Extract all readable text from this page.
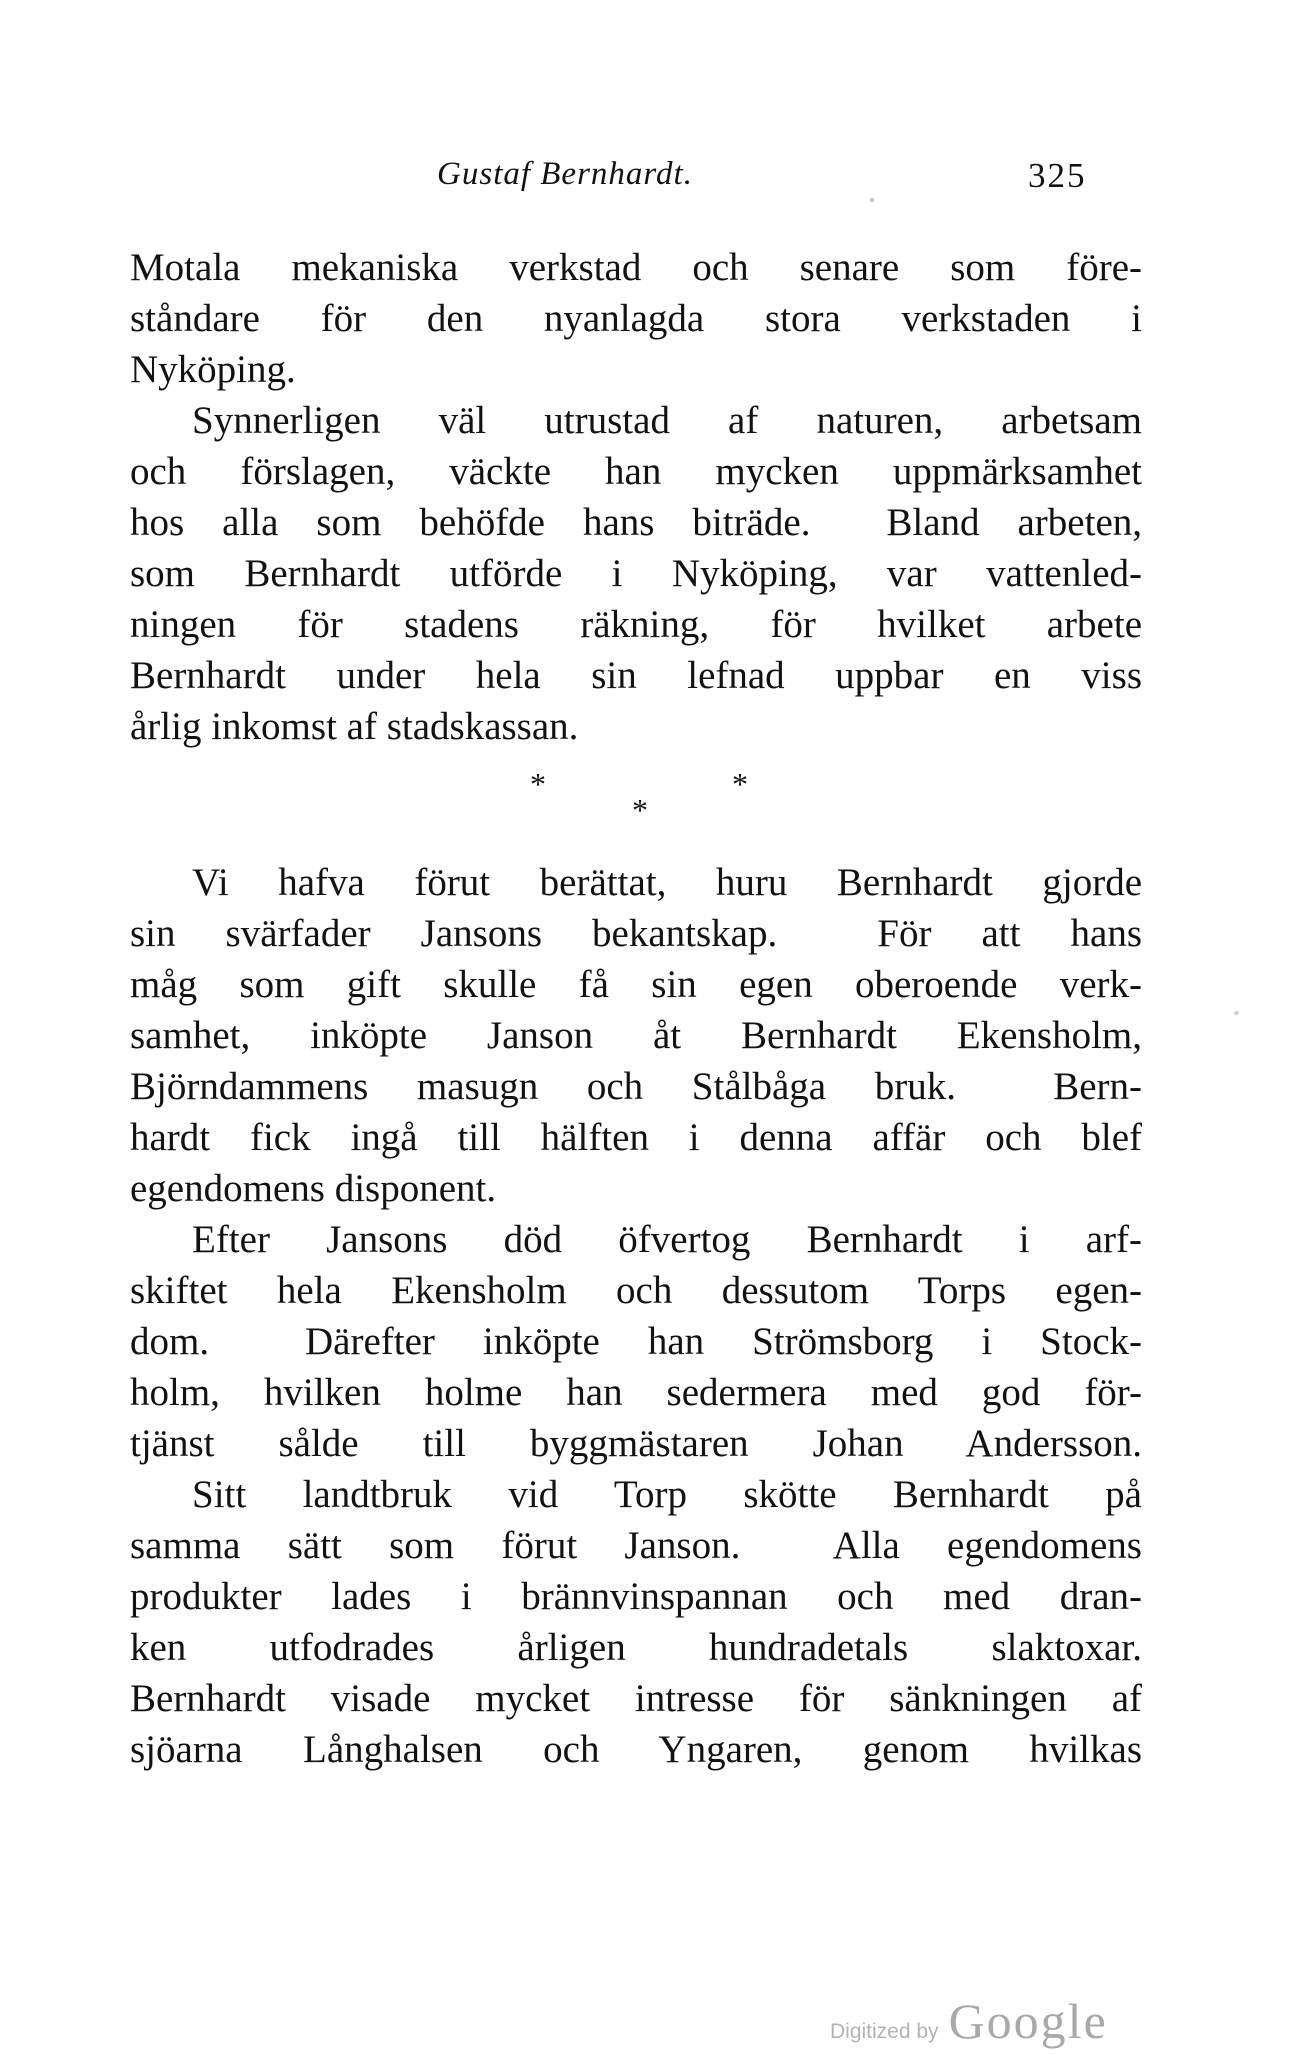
Gustaf Bernhardt.	325
Motala mekaniska verkstad och senare som före-
ståndare för den nyanlagda stora verkstaden i
Nyköping.
Synnerligen väl utrustad af naturen, arbetsam
och förslagen, väckte han mycken uppmärksamhet
hos alla som behöfde hans biträde.  Bland arbeten,
som Bernhardt utförde i Nyköping, var vattenled-
ningen för stadens räkning, för hvilket arbete
Bernhardt under hela sin lefnad uppbar en viss
årlig inkomst af stadskassan.
*	*
*
Vi hafva förut berättat, huru Bernhardt gjorde
sin svärfader Jansons bekantskap.  För att hans
måg som gift skulle få sin egen oberoende verk-
samhet, inköpte Janson åt Bernhardt Ekensholm,
Björndammens masugn och Stålbåga bruk.  Bern-
hardt fick ingå till hälften i denna affär och blef
egendomens disponent.
Efter Jansons död öfvertog Bernhardt i arf-
skiftet hela Ekensholm och dessutom Torps egen-
dom.  Därefter inköpte han Strömsborg i Stock-
holm, hvilken holme han sedermera med god för-
tjänst sålde till byggmästaren Johan Andersson.
Sitt landtbruk vid Torp skötte Bernhardt på
samma sätt som förut Janson.  Alla egendomens
produkter lades i brännvinspannan och med dran-
ken utfodrades årligen hundradetals slaktoxar.
Bernhardt visade mycket intresse för sänkningen af
sjöarna Långhalsen och Yngaren, genom hvilkas
Digitized by Google
